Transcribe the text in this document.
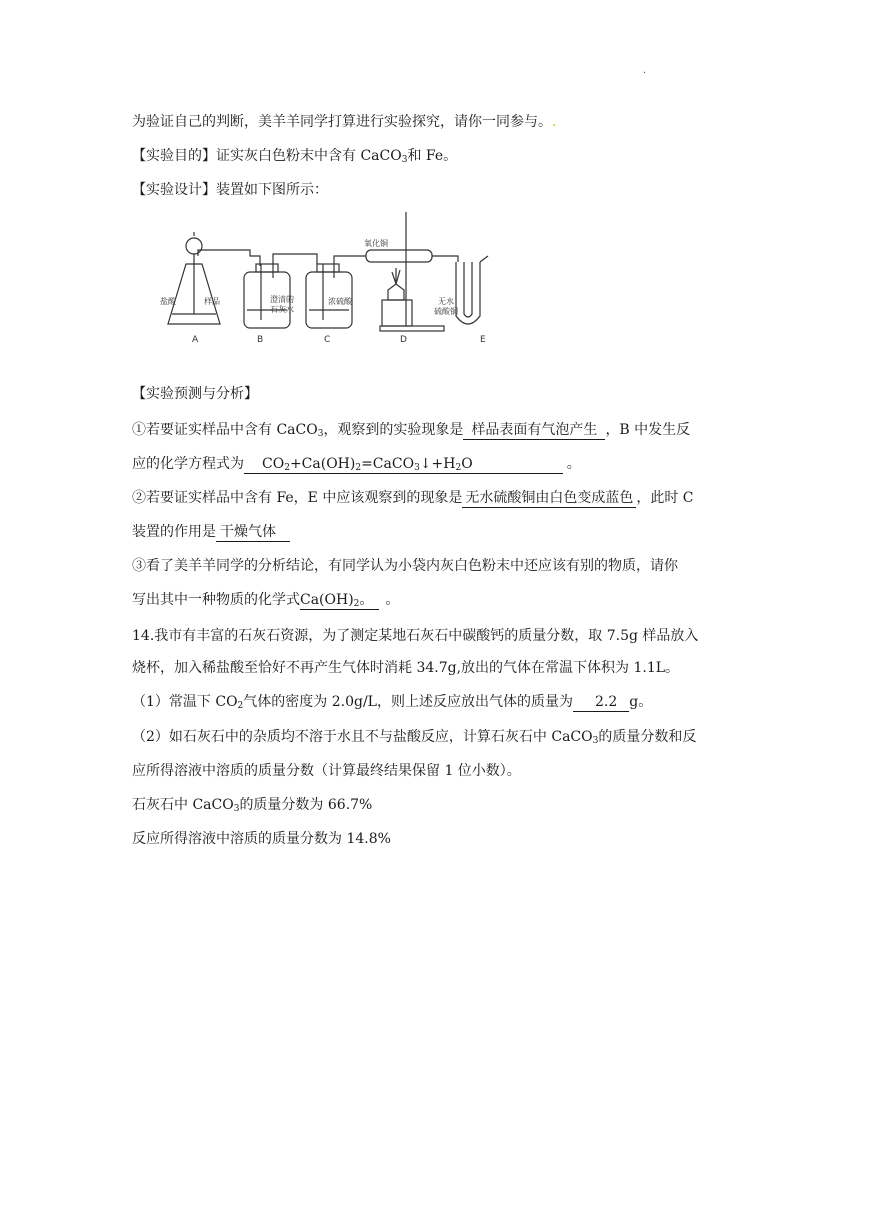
·
为验证自己的判断，美羊羊同学打算进行实验探究，请你一同参与。.
【实验目的】证实灰白色粉末中含有 CaCO$_3$和 Fe。
【实验设计】装置如下图所示：
盐酸	样品	澄清的
石灰水
浓硫酸
氧化铜
无水
硫酸铜
A	B	C	D	E
【实验预测与分析】
①若要证实样品中含有 CaCO$_3$，观察到的实验现象是 样品表面有气泡产生 ，B 中发生反
应的化学方程式为 $CO_2+Ca(OH)_2=CaCO_3↓+H_2O$	。
②若要证实样品中含有 Fe，E 中应该观察到的现象是 无水硫酸铜由白色变成蓝色 ，此时 C
装置的作用是 干燥气体
③看了美羊羊同学的分析结论，有同学认为小袋内灰白色粉末中还应该有别的物质，请你
写出其中一种物质的化学式$Ca(OH)_2$。 。
14.我市有丰富的石灰石资源，为了测定某地石灰石中碳酸钙的质量分数，取 7.5g 样品放入
烧杯，加入稀盐酸至恰好不再产生气体时消耗 34.7g,放出的气体在常温下体积为 1.1L。
（1）常温下 $CO_2$气体的密度为 2.0g/L，则上述反应放出气体的质量为 2.2 g。
（2）如石灰石中的杂质均不溶于水且不与盐酸反应，计算石灰石中 CaCO$_3$的质量分数和反
应所得溶液中溶质的质量分数（计算最终结果保留 1 位小数）。
石灰石中 CaCO$_3$的质量分数为 66.7%
反应所得溶液中溶质的质量分数为 14.8%
